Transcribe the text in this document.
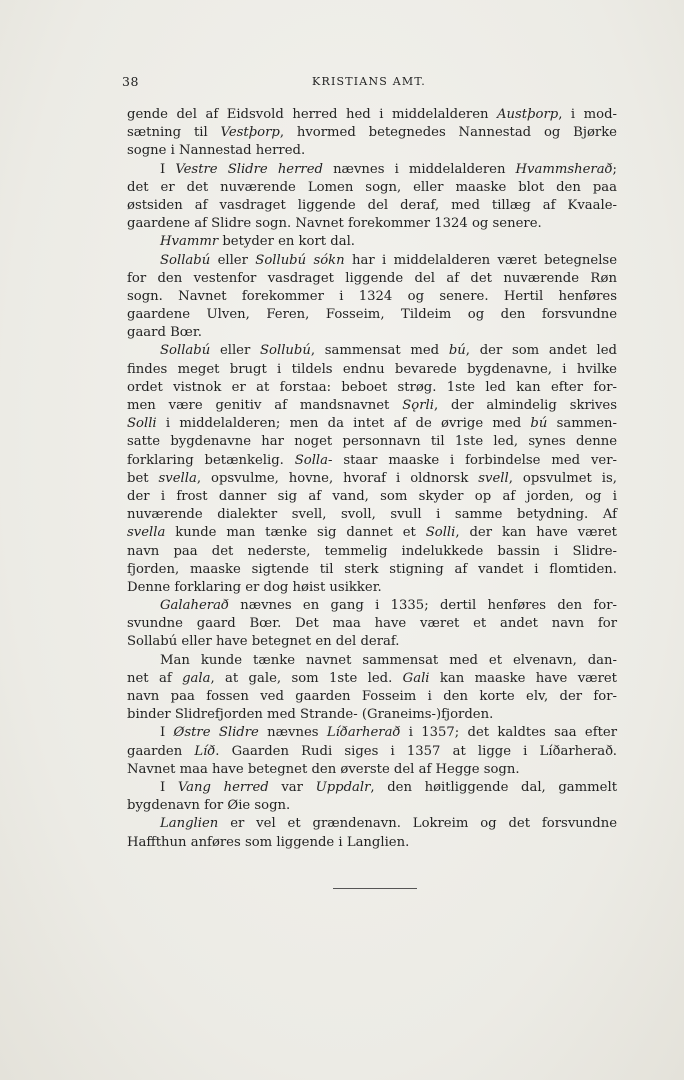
38	KRISTIANS AMT.
gende del af Eidsvold herred hed i middelalderen Austþorp, i mod-
sætning til Vestþorp, hvormed betegnedes Nannestad og Bjørke
sogne i Nannestad herred.
I Vestre Slidre herred nævnes i middelalderen Hvammsherað;
det er det nuværende Lomen sogn, eller maaske blot den paa
østsiden af vasdraget liggende del deraf, med tillæg af Kvaale-
gaardene af Slidre sogn. Navnet forekommer 1324 og senere.
Hvammr betyder en kort dal.
Sollabú eller Sollubú sókn har i middelalderen været betegnelse
for den vestenfor vasdraget liggende del af det nuværende Røn
sogn. Navnet forekommer i 1324 og senere. Hertil henføres
gaardene Ulven, Feren, Fosseim, Tildeim og den forsvundne
gaard Bœr.
Sollabú eller Sollubú, sammensat med bú, der som andet led
findes meget brugt i tildels endnu bevarede bygdenavne, i hvilke
ordet vistnok er at forstaa: beboet strøg. 1ste led kan efter for-
men være genitiv af mandsnavnet Sǫrli, der almindelig skrives
Solli i middelalderen; men da intet af de øvrige med bú sammen-
satte bygdenavne har noget personnavn til 1ste led, synes denne
forklaring betænkelig. Solla- staar maaske i forbindelse med ver-
bet svella, opsvulme, hovne, hvoraf i oldnorsk svell, opsvulmet is,
der i frost danner sig af vand, som skyder op af jorden, og i
nuværende dialekter svell, svoll, svull i samme betydning. Af
svella kunde man tænke sig dannet et Solli, der kan have været
navn paa det nederste, temmelig indelukkede bassin i Slidre-
fjorden, maaske sigtende til sterk stigning af vandet i flomtiden.
Denne forklaring er dog høist usikker.
Galaherað nævnes en gang i 1335; dertil henføres den for-
svundne gaard Bœr. Det maa have været et andet navn for
Sollabú eller have betegnet en del deraf.
Man kunde tænke navnet sammensat med et elvenavn, dan-
net af gala, at gale, som 1ste led. Gali kan maaske have været
navn paa fossen ved gaarden Fosseim i den korte elv, der for-
binder Slidrefjorden med Strande- (Graneims-)fjorden.
I Østre Slidre nævnes Líðarherað i 1357; det kaldtes saa efter
gaarden Líð. Gaarden Rudi siges i 1357 at ligge i Líðarherað.
Navnet maa have betegnet den øverste del af Hegge sogn.
I Vang herred var Uppdalr, den høitliggende dal, gammelt
bygdenavn for Øie sogn.
Langlien er vel et grændenavn. Lokreim og det forsvundne
Haffthun anføres som liggende i Langlien.
